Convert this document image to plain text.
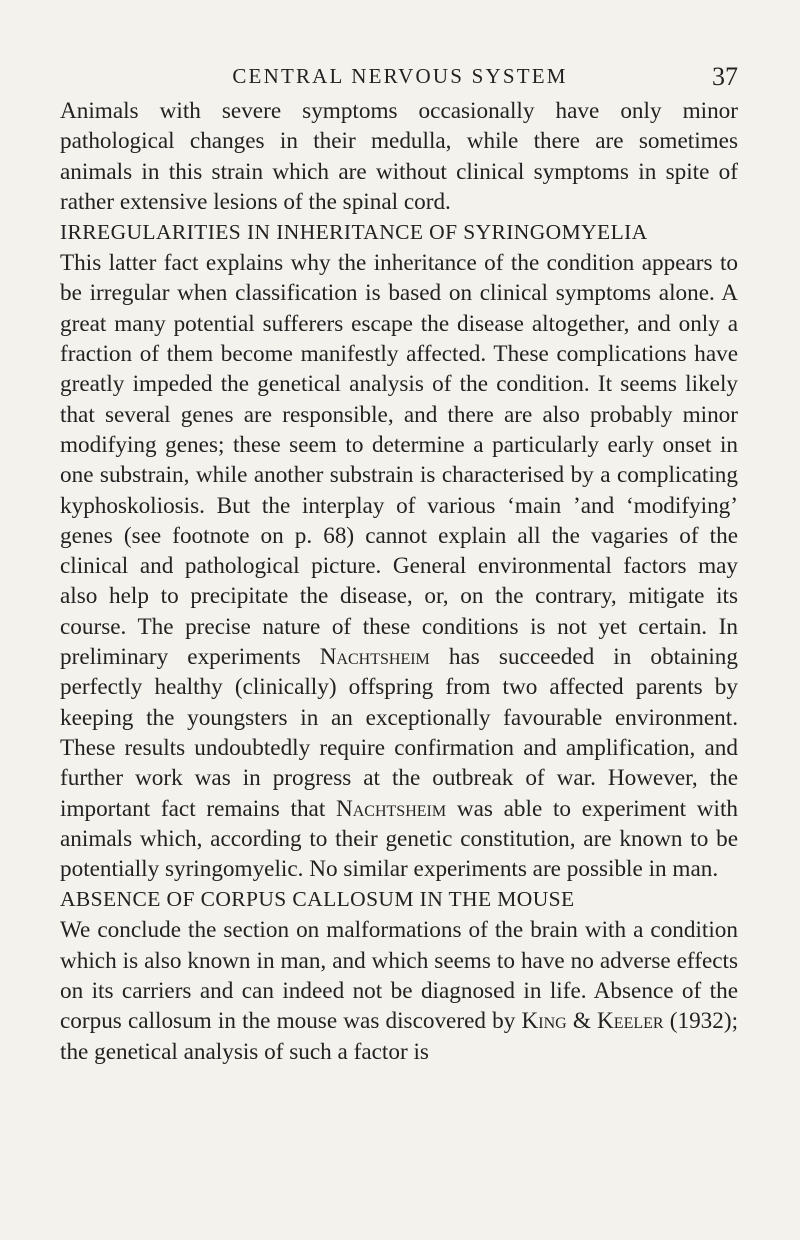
CENTRAL NERVOUS SYSTEM	37

Animals with severe symptoms occasionally have only minor pathological changes in their medulla, while there are sometimes animals in this strain which are without clinical symptoms in spite of rather extensive lesions of the spinal cord.

IRREGULARITIES IN INHERITANCE OF SYRINGOMYELIA

This latter fact explains why the inheritance of the condition appears to be irregular when classification is based on clinical symptoms alone. A great many potential sufferers escape the disease altogether, and only a fraction of them become manifestly affected. These complications have greatly impeded the genetical analysis of the condition. It seems likely that several genes are responsible, and there are also probably minor modifying genes; these seem to determine a particularly early onset in one substrain, while another substrain is characterised by a complicating kyphoskoliosis. But the interplay of various ‘main ’and ‘modifying’ genes (see footnote on p. 68) cannot explain all the vagaries of the clinical and pathological picture. General environmental factors may also help to precipitate the disease, or, on the contrary, mitigate its course. The precise nature of these conditions is not yet certain. In preliminary experiments Nachtsheim has succeeded in obtaining perfectly healthy (clinically) offspring from two affected parents by keeping the youngsters in an exceptionally favourable environment. These results undoubtedly require confirmation and amplification, and further work was in progress at the outbreak of war. However, the important fact remains that Nachtsheim was able to experiment with animals which, according to their genetic constitution, are known to be potentially syringomyelic. No similar experiments are possible in man.

ABSENCE OF CORPUS CALLOSUM IN THE MOUSE

We conclude the section on malformations of the brain with a condition which is also known in man, and which seems to have no adverse effects on its carriers and can indeed not be diagnosed in life. Absence of the corpus callosum in the mouse was discovered by King & Keeler (1932); the genetical analysis of such a factor is
